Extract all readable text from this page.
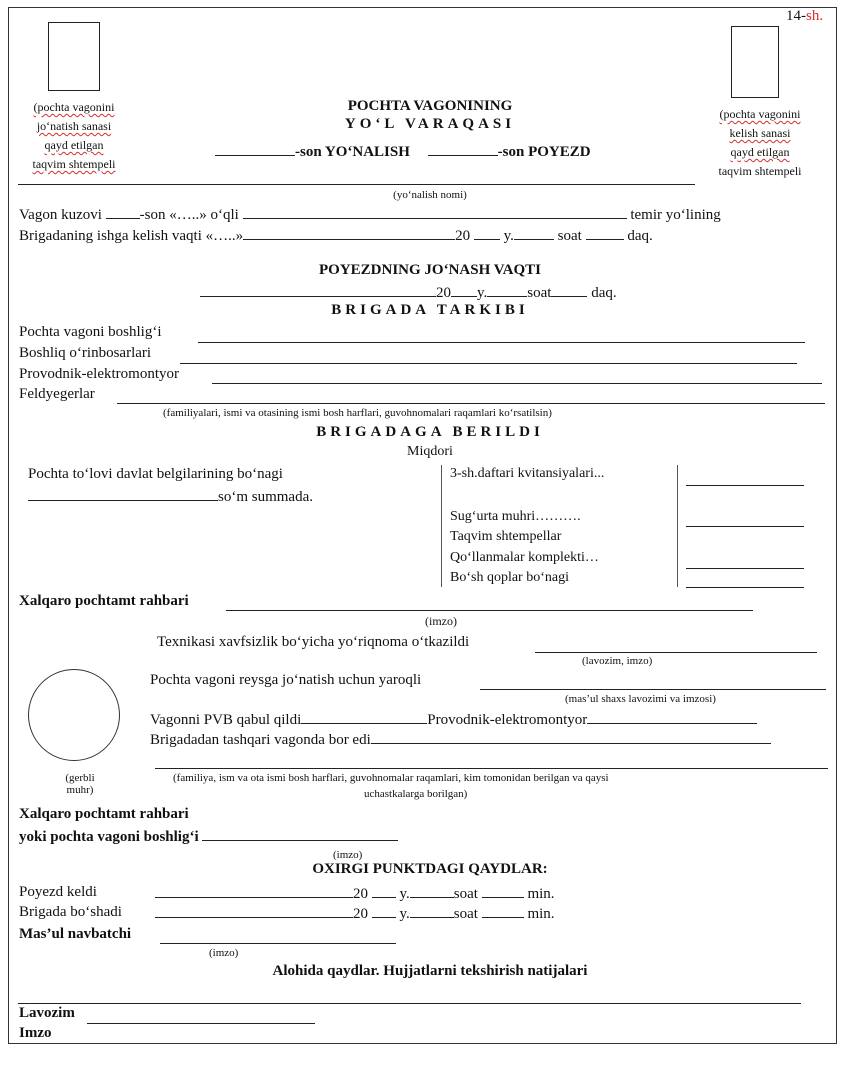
14-sh.
(pochta vagonini
jo‘natish sanasi
qayd etilgan
taqvim shtempeli
(pochta vagonini
kelish sanasi
qayd etilgan
taqvim shtempeli
POCHTA VAGONINING
YO‘L VARAQASI
-son YO‘NALISH	-son POYEZD
(yo‘nalish nomi)
Vagon kuzovi	-son «…..» o‘qli	temir yo‘lining
Brigadaning ishga kelish vaqti «…..»	20 y.	soat	daq.
POYEZDNING JO‘NASH VAQTI
20 y.	soat	daq.
BRIGADA TARKIBI
Pochta vagoni boshlig‘i
Boshliq o‘rinbosarlari
Provodnik-elektromontyor
Feldyegerlar
(familiyalari, ismi va otasining ismi bosh harflari, guvohnomalari raqamlari ko‘rsatilsin)
BRIGADAGA BERILDI
Miqdori
Pochta to‘lovi davlat belgilarining bo‘nagi
so‘m summada.
3-sh.daftari kvitansiyalari...
Sug‘urta muhri……….
Taqvim shtempellar
Qo‘llanmalar komplekti…
Bo‘sh qoplar bo‘nagi
Xalqaro pochtamt rahbari
(imzo)
Texnikasi xavfsizlik bo‘yicha yo‘riqnoma o‘tkazildi
(lavozim, imzo)
Pochta vagoni reysga jo‘natish uchun yaroqli
(mas’ul shaxs lavozimi va imzosi)
Vagonni PVB qabul qildi	Provodnik-elektromontyor
Brigadadan tashqari vagonda bor edi
(familiya, ism va ota ismi bosh harflari, guvohnomalar raqamlari, kim tomonidan berilgan va qaysi
uchastkalarga borilgan)
(gerbli
muhr)
Xalqaro pochtamt rahbari
yoki pochta vagoni boshlig‘i
(imzo)
OXIRGI PUNKTDAGI QAYDLAR:
Poyezd keldi	20 y.	soat	min.
Brigada bo‘shadi	20 y.	soat	min.
Mas’ul navbatchi
(imzo)
Alohida qaydlar. Hujjatlarni tekshirish natijalari
Lavozim
Imzo
